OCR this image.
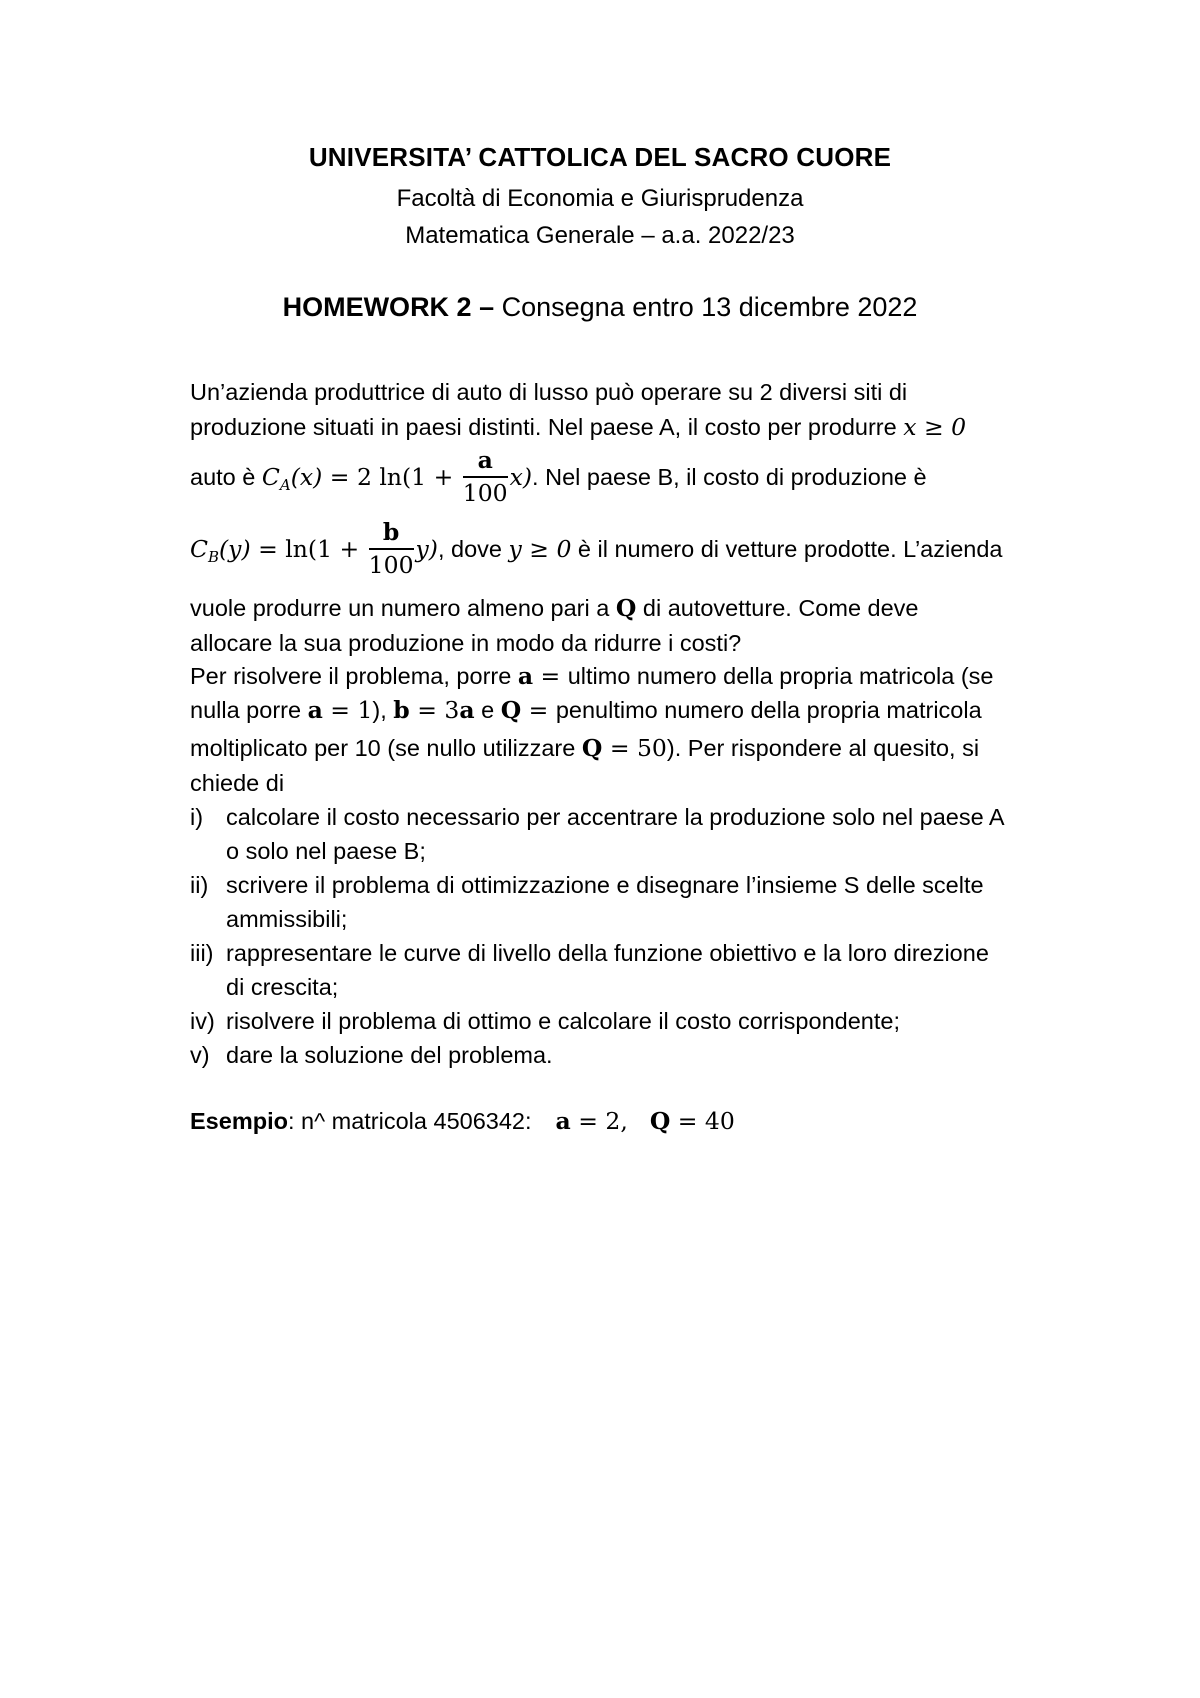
UNIVERSITA’ CATTOLICA DEL SACRO CUORE
Facoltà di Economia e Giurisprudenza
Matematica Generale – a.a. 2022/23
HOMEWORK 2 – Consegna entro 13 dicembre 2022
Un’azienda produttrice di auto di lusso può operare su 2 diversi siti di
produzione situati in paesi distinti. Nel paese A, il costo per produrre x ≥ 0
auto è $C_A(x) = 2$ $\ln(1 + \frac{a}{100} x)$. Nel paese B, il costo di produzione è
$C_B(y) = \ln(1 + \frac{b}{100} y)$, dove y ≥ 0 è il numero di vetture prodotte. L’azienda
vuole produrre un numero almeno pari a Q di autovetture. Come deve
allocare la sua produzione in modo da ridurre i costi?
Per risolvere il problema, porre a = ultimo numero della propria matricola (se
nulla porre a = 1), b = 3a e Q = penultimo numero della propria matricola
moltiplicato per 10 (se nullo utilizzare Q = 50). Per rispondere al quesito, si
chiede di
i) calcolare il costo necessario per accentrare la produzione solo nel paese A
o solo nel paese B;
ii) scrivere il problema di ottimizzazione e disegnare l’insieme S delle scelte
ammissibili;
iii) rappresentare le curve di livello della funzione obiettivo e la loro direzione
di crescita;
iv) risolvere il problema di ottimo e calcolare il costo corrispondente;
v) dare la soluzione del problema.
Esempio: n^ matricola 4506342: a = 2, Q = 40
